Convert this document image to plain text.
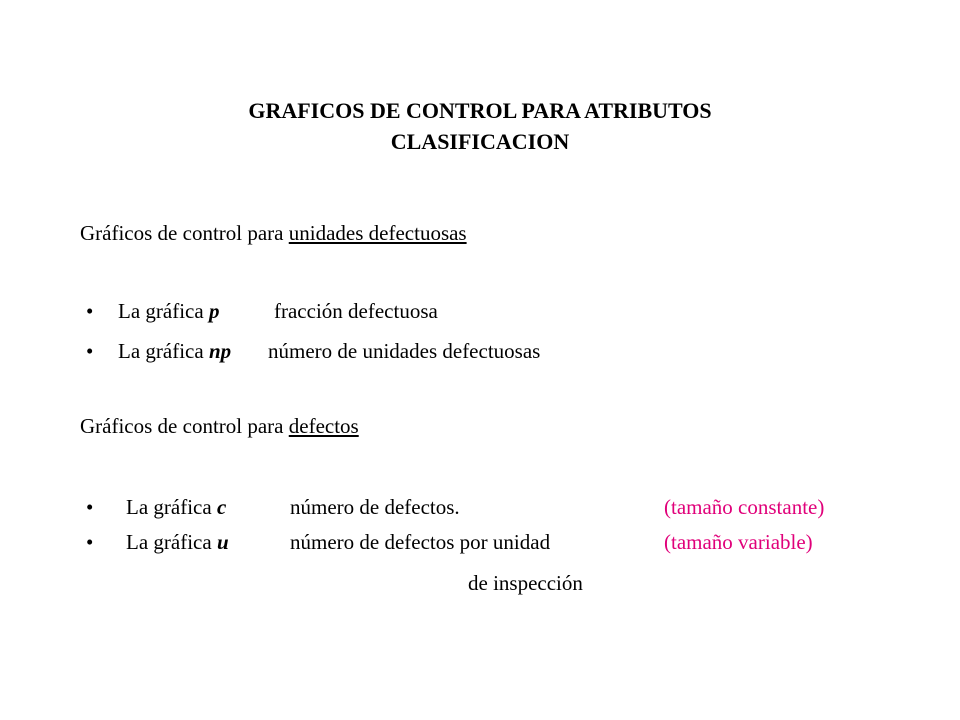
GRAFICOS DE CONTROL PARA ATRIBUTOS
CLASIFICACION
Gráficos de control para unidades defectuosas
• La gráfica p	fracción defectuosa
• La gráfica np número de unidades defectuosas
Gráficos de control para defectos
• La gráfica c	número de defectos.	(tamaño constante)
• La gráfica u	número de defectos por unidad	(tamaño variable)
de inspección
